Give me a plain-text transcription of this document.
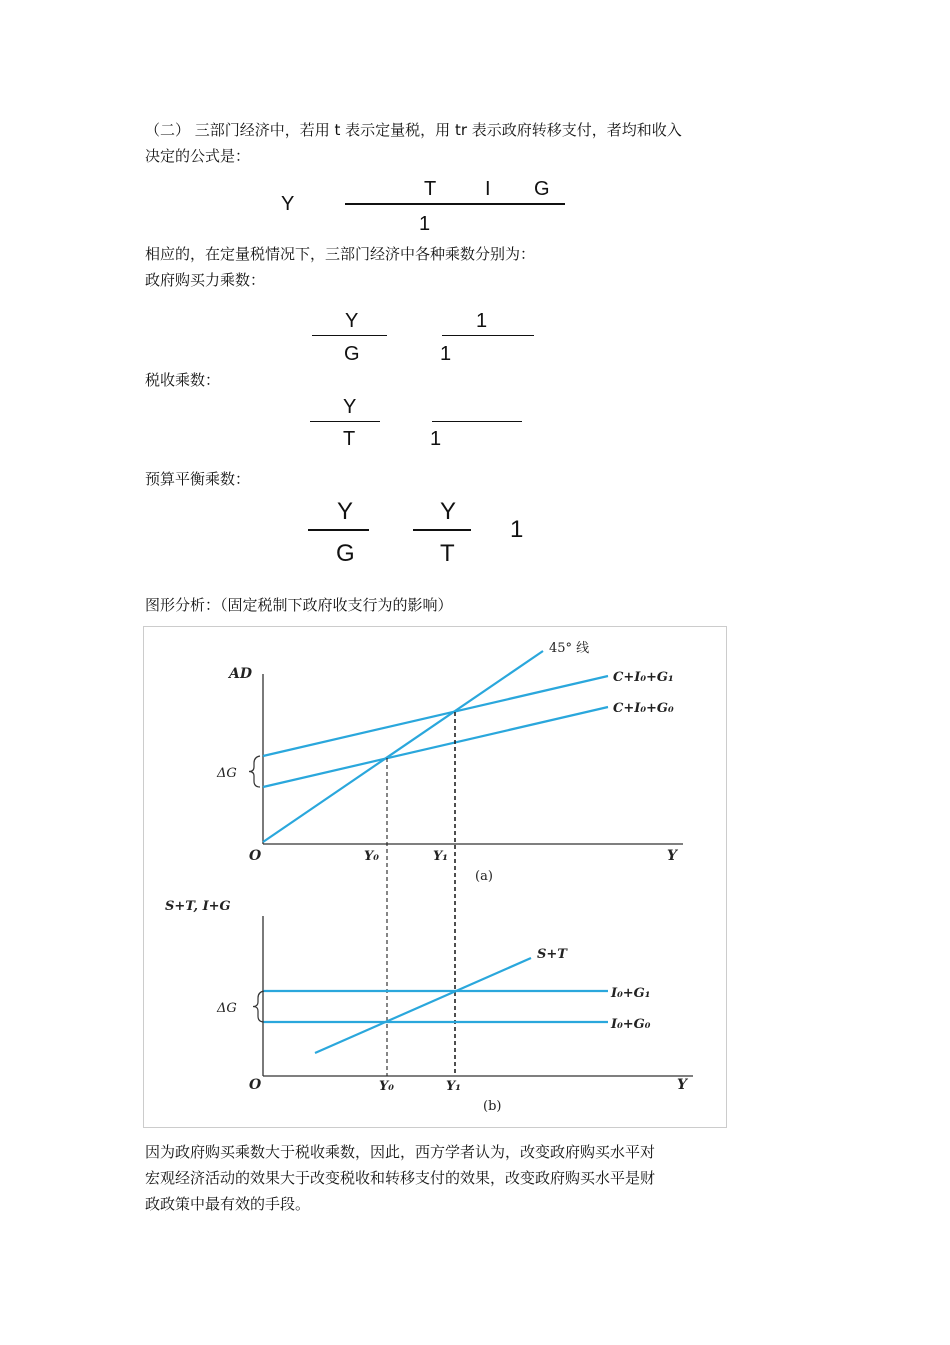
（二） 三部门经济中，若用 t 表示定量税，用 tr 表示政府转移支付，者均和收入
决定的公式是：
Y
T I G
1
相应的，在定量税情况下，三部门经济中各种乘数分别为：
政府购买力乘数：
Y
G
1
1
税收乘数：
Y
T	1
预算平衡乘数：
Y
G
Y
T
1
图形分析：（固定税制下政府收支行为的影响）
AD
O	Y
ΔG
45° 线
C+I₀+G₁
C+I₀+G₀
Y₀	Y₁
(a)
S+T, I+G
O	Y
ΔG
S+T
I₀+G₁
I₀+G₀
Y₀	Y₁
(b)
因为政府购买乘数大于税收乘数，因此，西方学者认为，改变政府购买水平对
宏观经济活动的效果大于改变税收和转移支付的效果，改变政府购买水平是财
政政策中最有效的手段。
